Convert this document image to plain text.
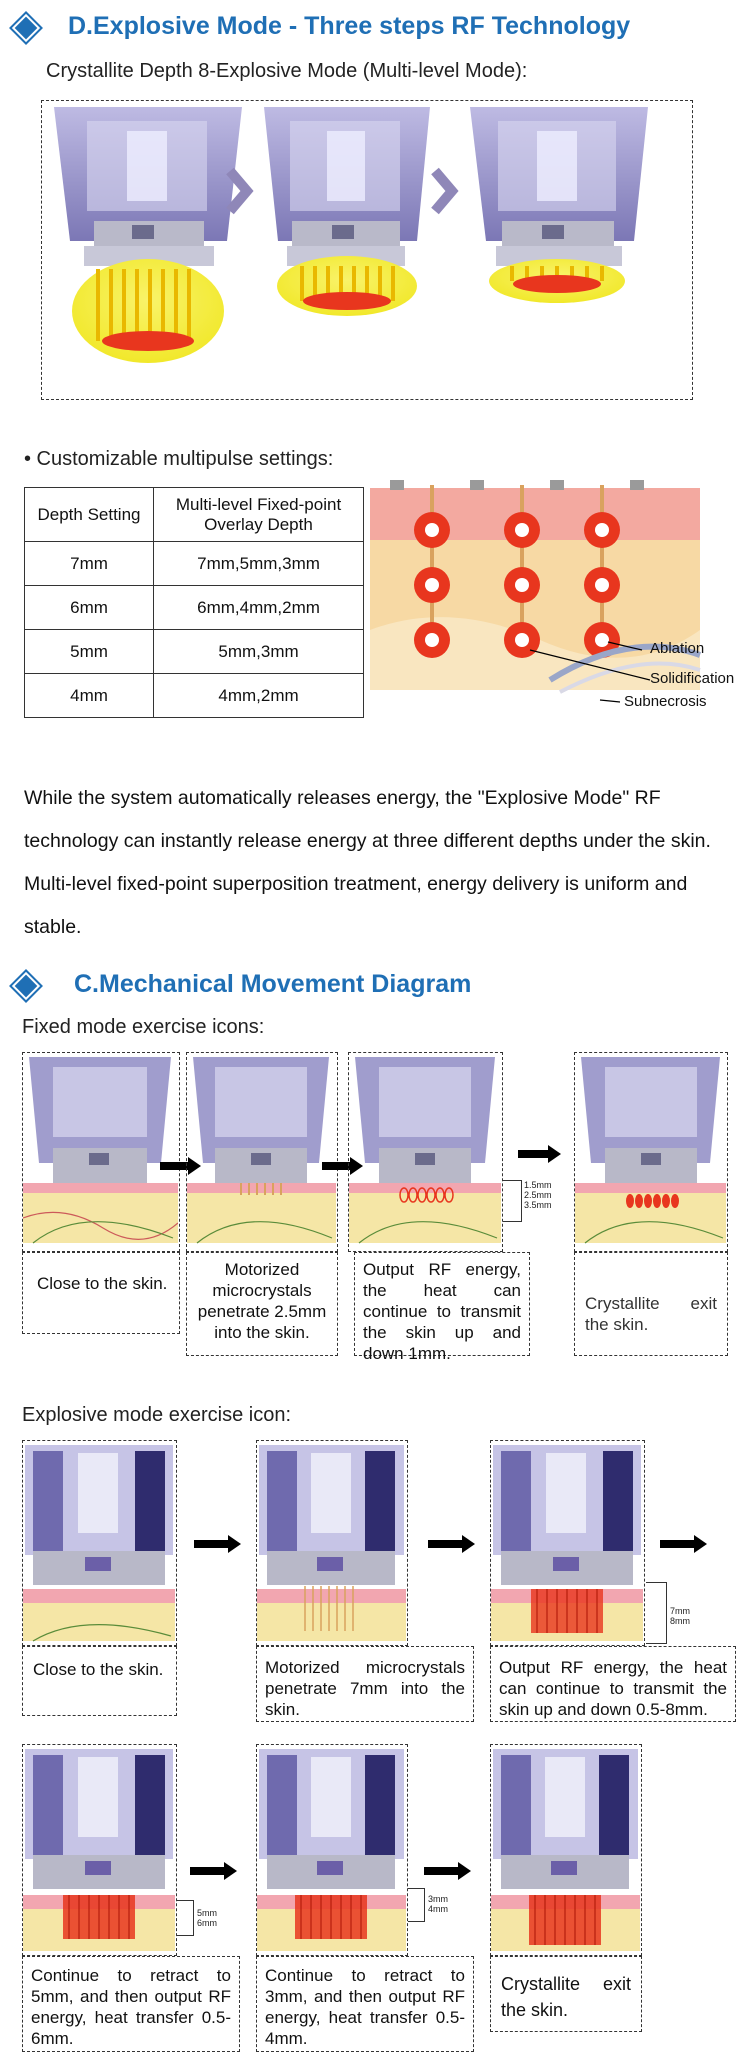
D.Explosive Mode - Three steps RF Technology
Crystallite Depth 8-Explosive Mode (Multi-level Mode):
• Customizable multipulse settings:
Depth Setting	Multi-level Fixed-point Overlay Depth
7mm	7mm,5mm,3mm
6mm	6mm,4mm,2mm
5mm	5mm,3mm
4mm	4mm,2mm
Ablation
Solidification
Subnecrosis
While the system automatically releases energy, the "Explosive Mode" RF technology can instantly release energy at three different depths under the skin. Multi-level fixed-point superposition treatment, energy delivery is uniform and stable.
C.Mechanical Movement Diagram
Fixed mode exercise icons:
Close to the skin.
Motorized microcrystals penetrate 2.5mm into the skin.
1.5mm
2.5mm
3.5mm
Output RF energy, the heat can continue to transmit the skin up and down 1mm.
Crystallite exit the skin.
Explosive mode exercise icon:
Close to the skin.	Motorized microcrystals penetrate 7mm into the skin.
7mm
8mm
Output RF energy, the heat can continue to transmit the skin up and down 0.5-8mm.
5mm
6mm
Continue to retract to 5mm, and then output RF energy, heat transfer 0.5-6mm.
3mm
4mm
Continue to retract to 3mm, and then output RF energy, heat transfer 0.5-4mm.
Crystallite exit the skin.
